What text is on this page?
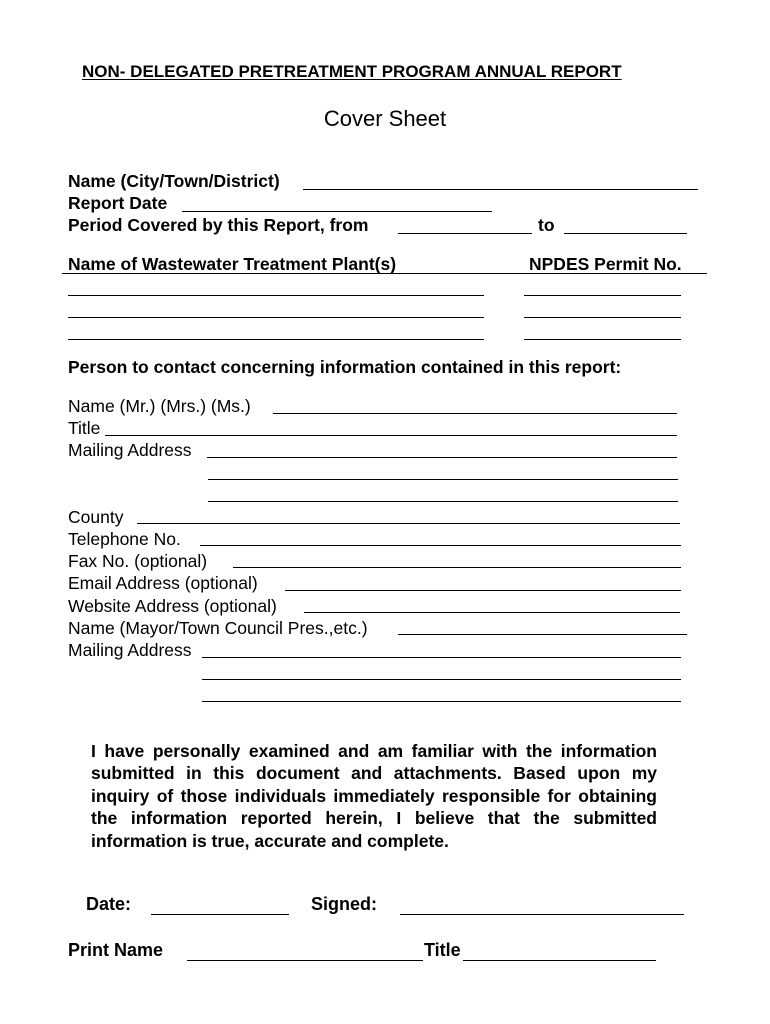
NON- DELEGATED PRETREATMENT PROGRAM ANNUAL REPORT
Cover Sheet
Name (City/Town/District)
Report Date
Period Covered by this Report, from	to
Name of Wastewater Treatment Plant(s)	NPDES Permit No.
Person to contact concerning information contained in this report:
Name (Mr.) (Mrs.) (Ms.)
Title
Mailing Address
County
Telephone No.
Fax No. (optional)
Email Address (optional)
Website Address (optional)
Name (Mayor/Town Council Pres.,etc.)
Mailing Address
I have personally examined and am familiar with the information submitted in this document and attachments. Based upon my inquiry of those individuals immediately responsible for obtaining the information reported herein, I believe that the submitted information is true, accurate and complete.
Date:	Signed:
Print Name	Title
